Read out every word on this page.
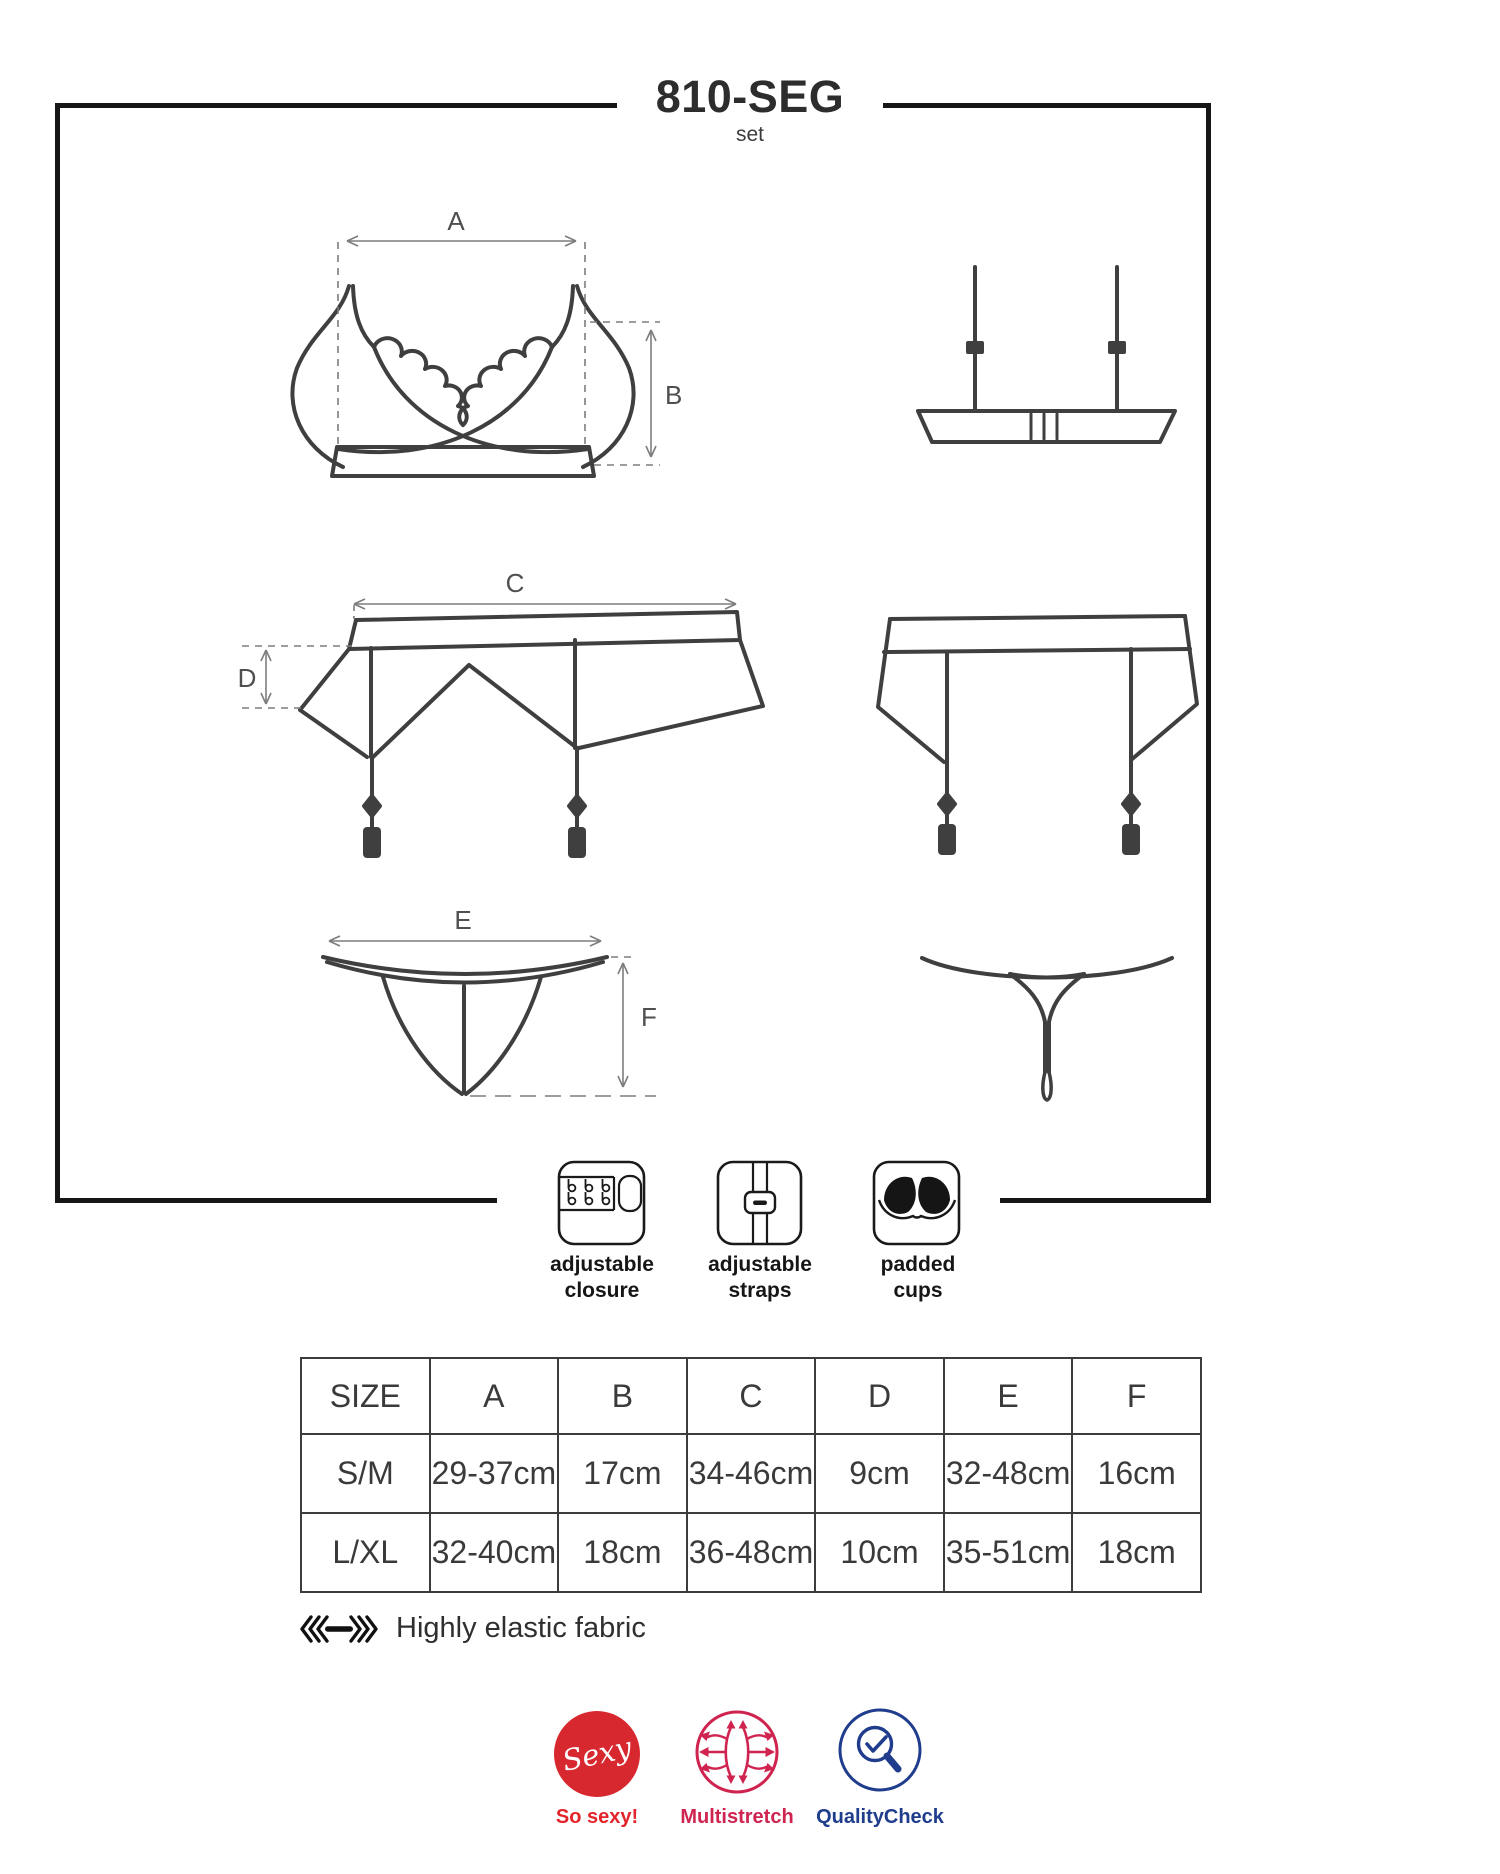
810-SEG
set
A
B
C
D
E
F
adjustable
closure
adjustable
straps
padded
cups
SIZE	A	B	C	D	E	F
S/M	29-37cm	17cm	34-46cm	9cm	32-48cm	16cm
L/XL	32-40cm	18cm	36-48cm	10cm	35-51cm	18cm
Highly elastic fabric
Sexy
So sexy!	Multistretch	QualityCheck
